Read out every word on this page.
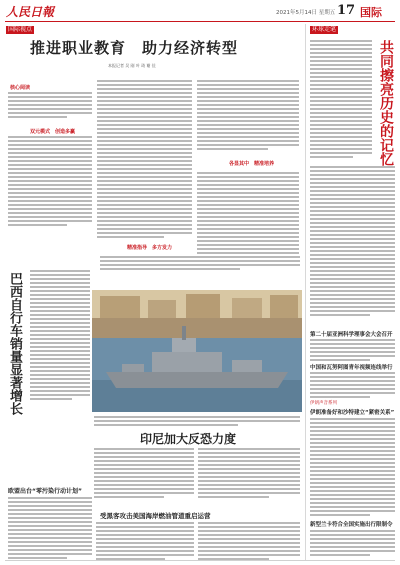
人民日報	2021年5月14日 星期五 17 国际
国际视点	环球走笔
推进职业教育　助力经济转型
本报记者 吴 刚 叶 琦 谢 佳
核心阅读
双元模式　创造多赢
各显其中　精准培养
精准指导　多方发力
巴西自行车销量显著增长
共同擦亮历史的记忆
第二十届亚洲科学理事会大会召开
中国和瓦努阿图青年视频连线举行
伊朗声音系列
伊朗准备好和沙特建立“紧密关系”
新型兰卡符合全国实施出行限制令
印尼加大反恐力度
欧盟出台“零污染行动计划”
受黑客攻击美国海岸燃油管道重启运营
